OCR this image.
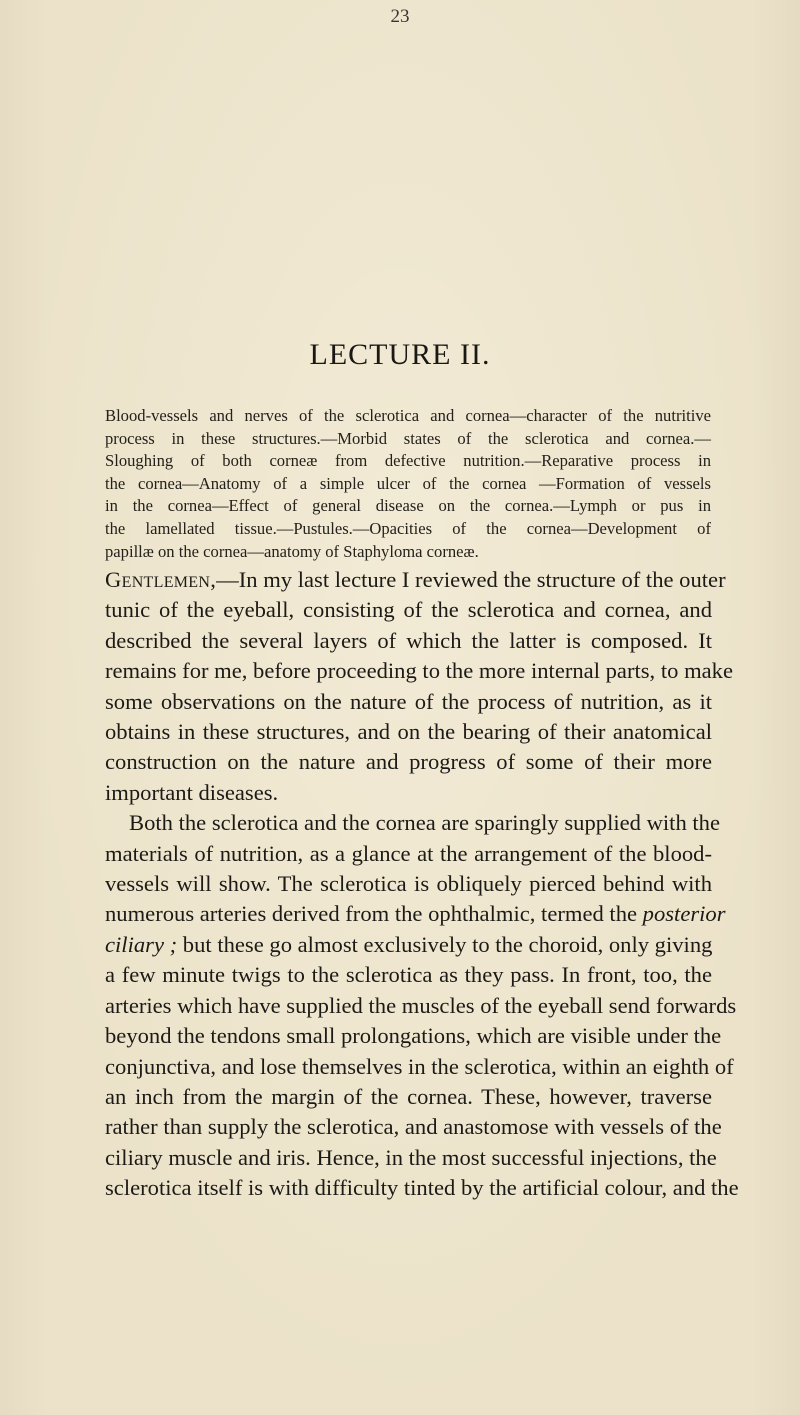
23
LECTURE II.
Blood-vessels and nerves of the sclerotica and cornea—character of the nutritive
process in these structures.—Morbid states of the sclerotica and cornea.—
Sloughing of both corneæ from defective nutrition.—Reparative process in
the cornea—Anatomy of a simple ulcer of the cornea —Formation of vessels
in the cornea—Effect of general disease on the cornea.—Lymph or pus in
the lamellated tissue.—Pustules.—Opacities of the cornea—Development of
papillæ on the cornea—anatomy of Staphyloma corneæ.
Gentlemen,—In my last lecture I reviewed the structure of the outer
tunic of the eyeball, consisting of the sclerotica and cornea, and
described the several layers of which the latter is composed. It
remains for me, before proceeding to the more internal parts, to make
some observations on the nature of the process of nutrition, as it
obtains in these structures, and on the bearing of their anatomical
construction on the nature and progress of some of their more
important diseases.
Both the sclerotica and the cornea are sparingly supplied with the
materials of nutrition, as a glance at the arrangement of the blood-
vessels will show. The sclerotica is obliquely pierced behind with
numerous arteries derived from the ophthalmic, termed the posterior
ciliary ; but these go almost exclusively to the choroid, only giving
a few minute twigs to the sclerotica as they pass. In front, too, the
arteries which have supplied the muscles of the eyeball send forwards
beyond the tendons small prolongations, which are visible under the
conjunctiva, and lose themselves in the sclerotica, within an eighth of
an inch from the margin of the cornea. These, however, traverse
rather than supply the sclerotica, and anastomose with vessels of the
ciliary muscle and iris. Hence, in the most successful injections, the
sclerotica itself is with difficulty tinted by the artificial colour, and the
